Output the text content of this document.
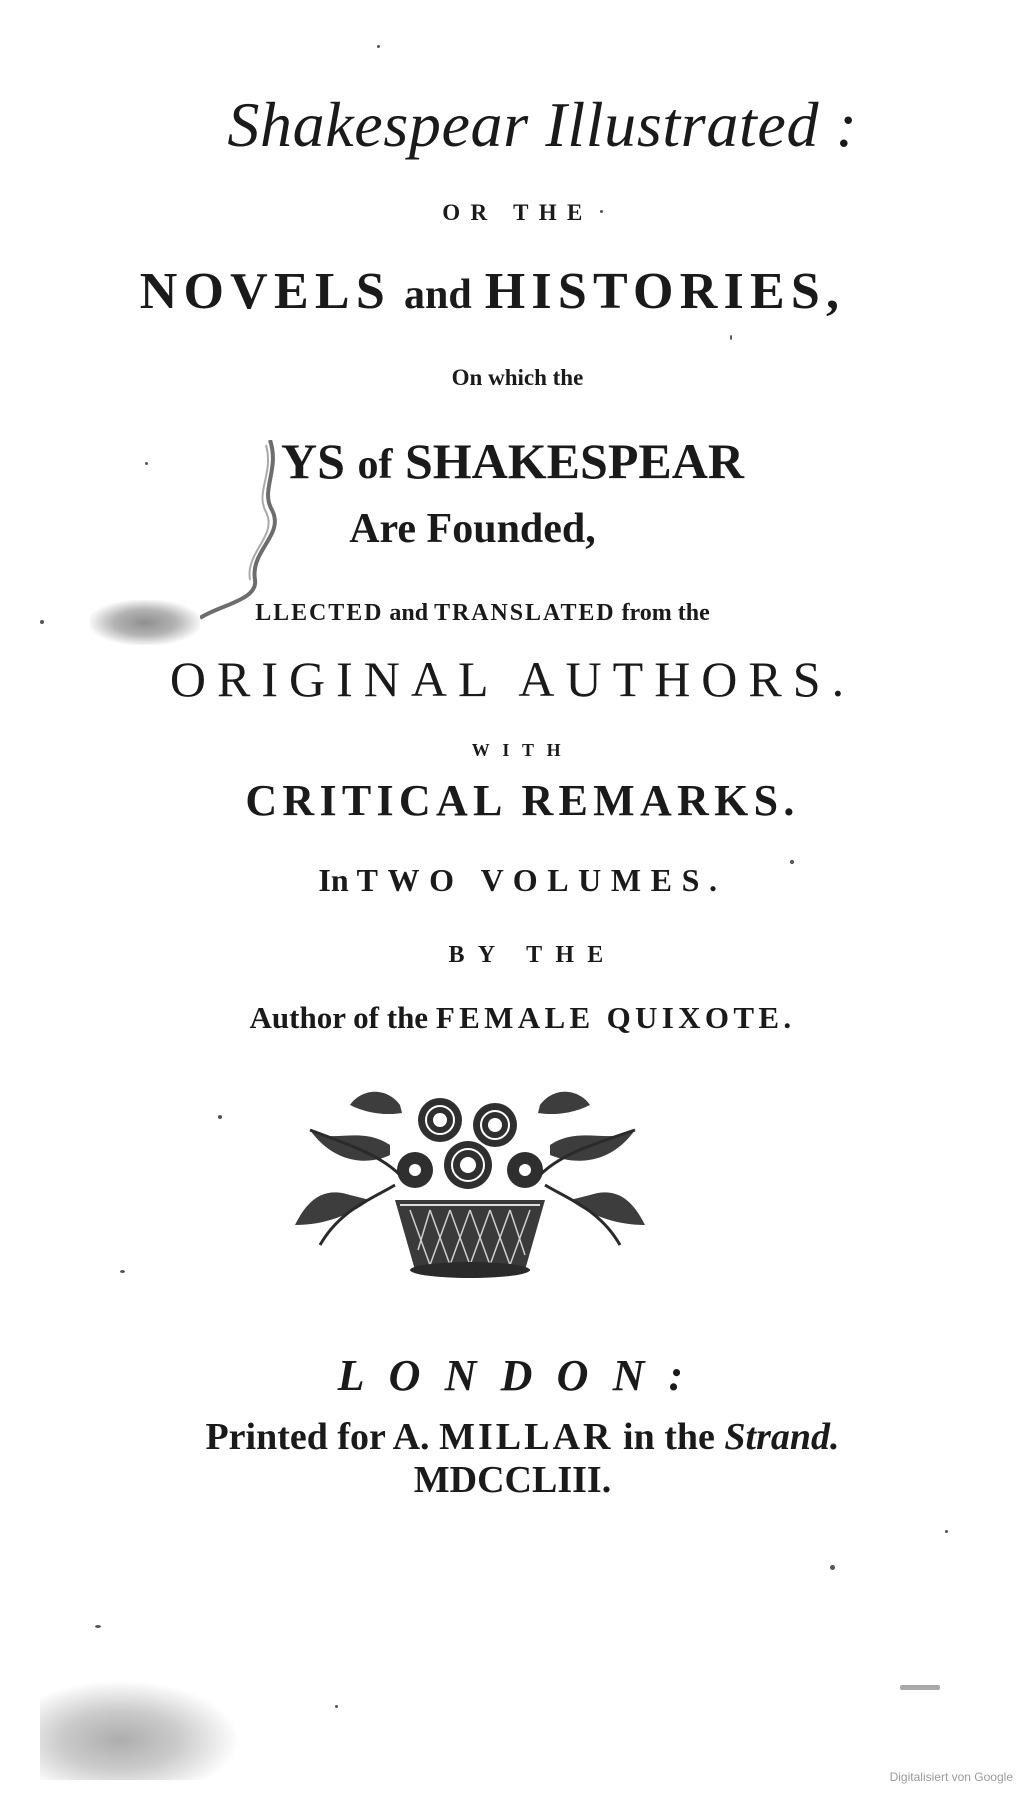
Shakespear Illustrated :
OR THE
NOVELS and HISTORIES,
On which the
YS of SHAKESPEAR
Are Founded,
LLECTED and TRANSLATED from the
ORIGINAL AUTHORS.
WITH
CRITICAL REMARKS.
In TWO VOLUMES.
BY THE
Author of the FEMALE QUIXOTE.
LONDON:
Printed for A. MILLAR in the Strand.
MDCCLIII.
Digitalisiert von Google
